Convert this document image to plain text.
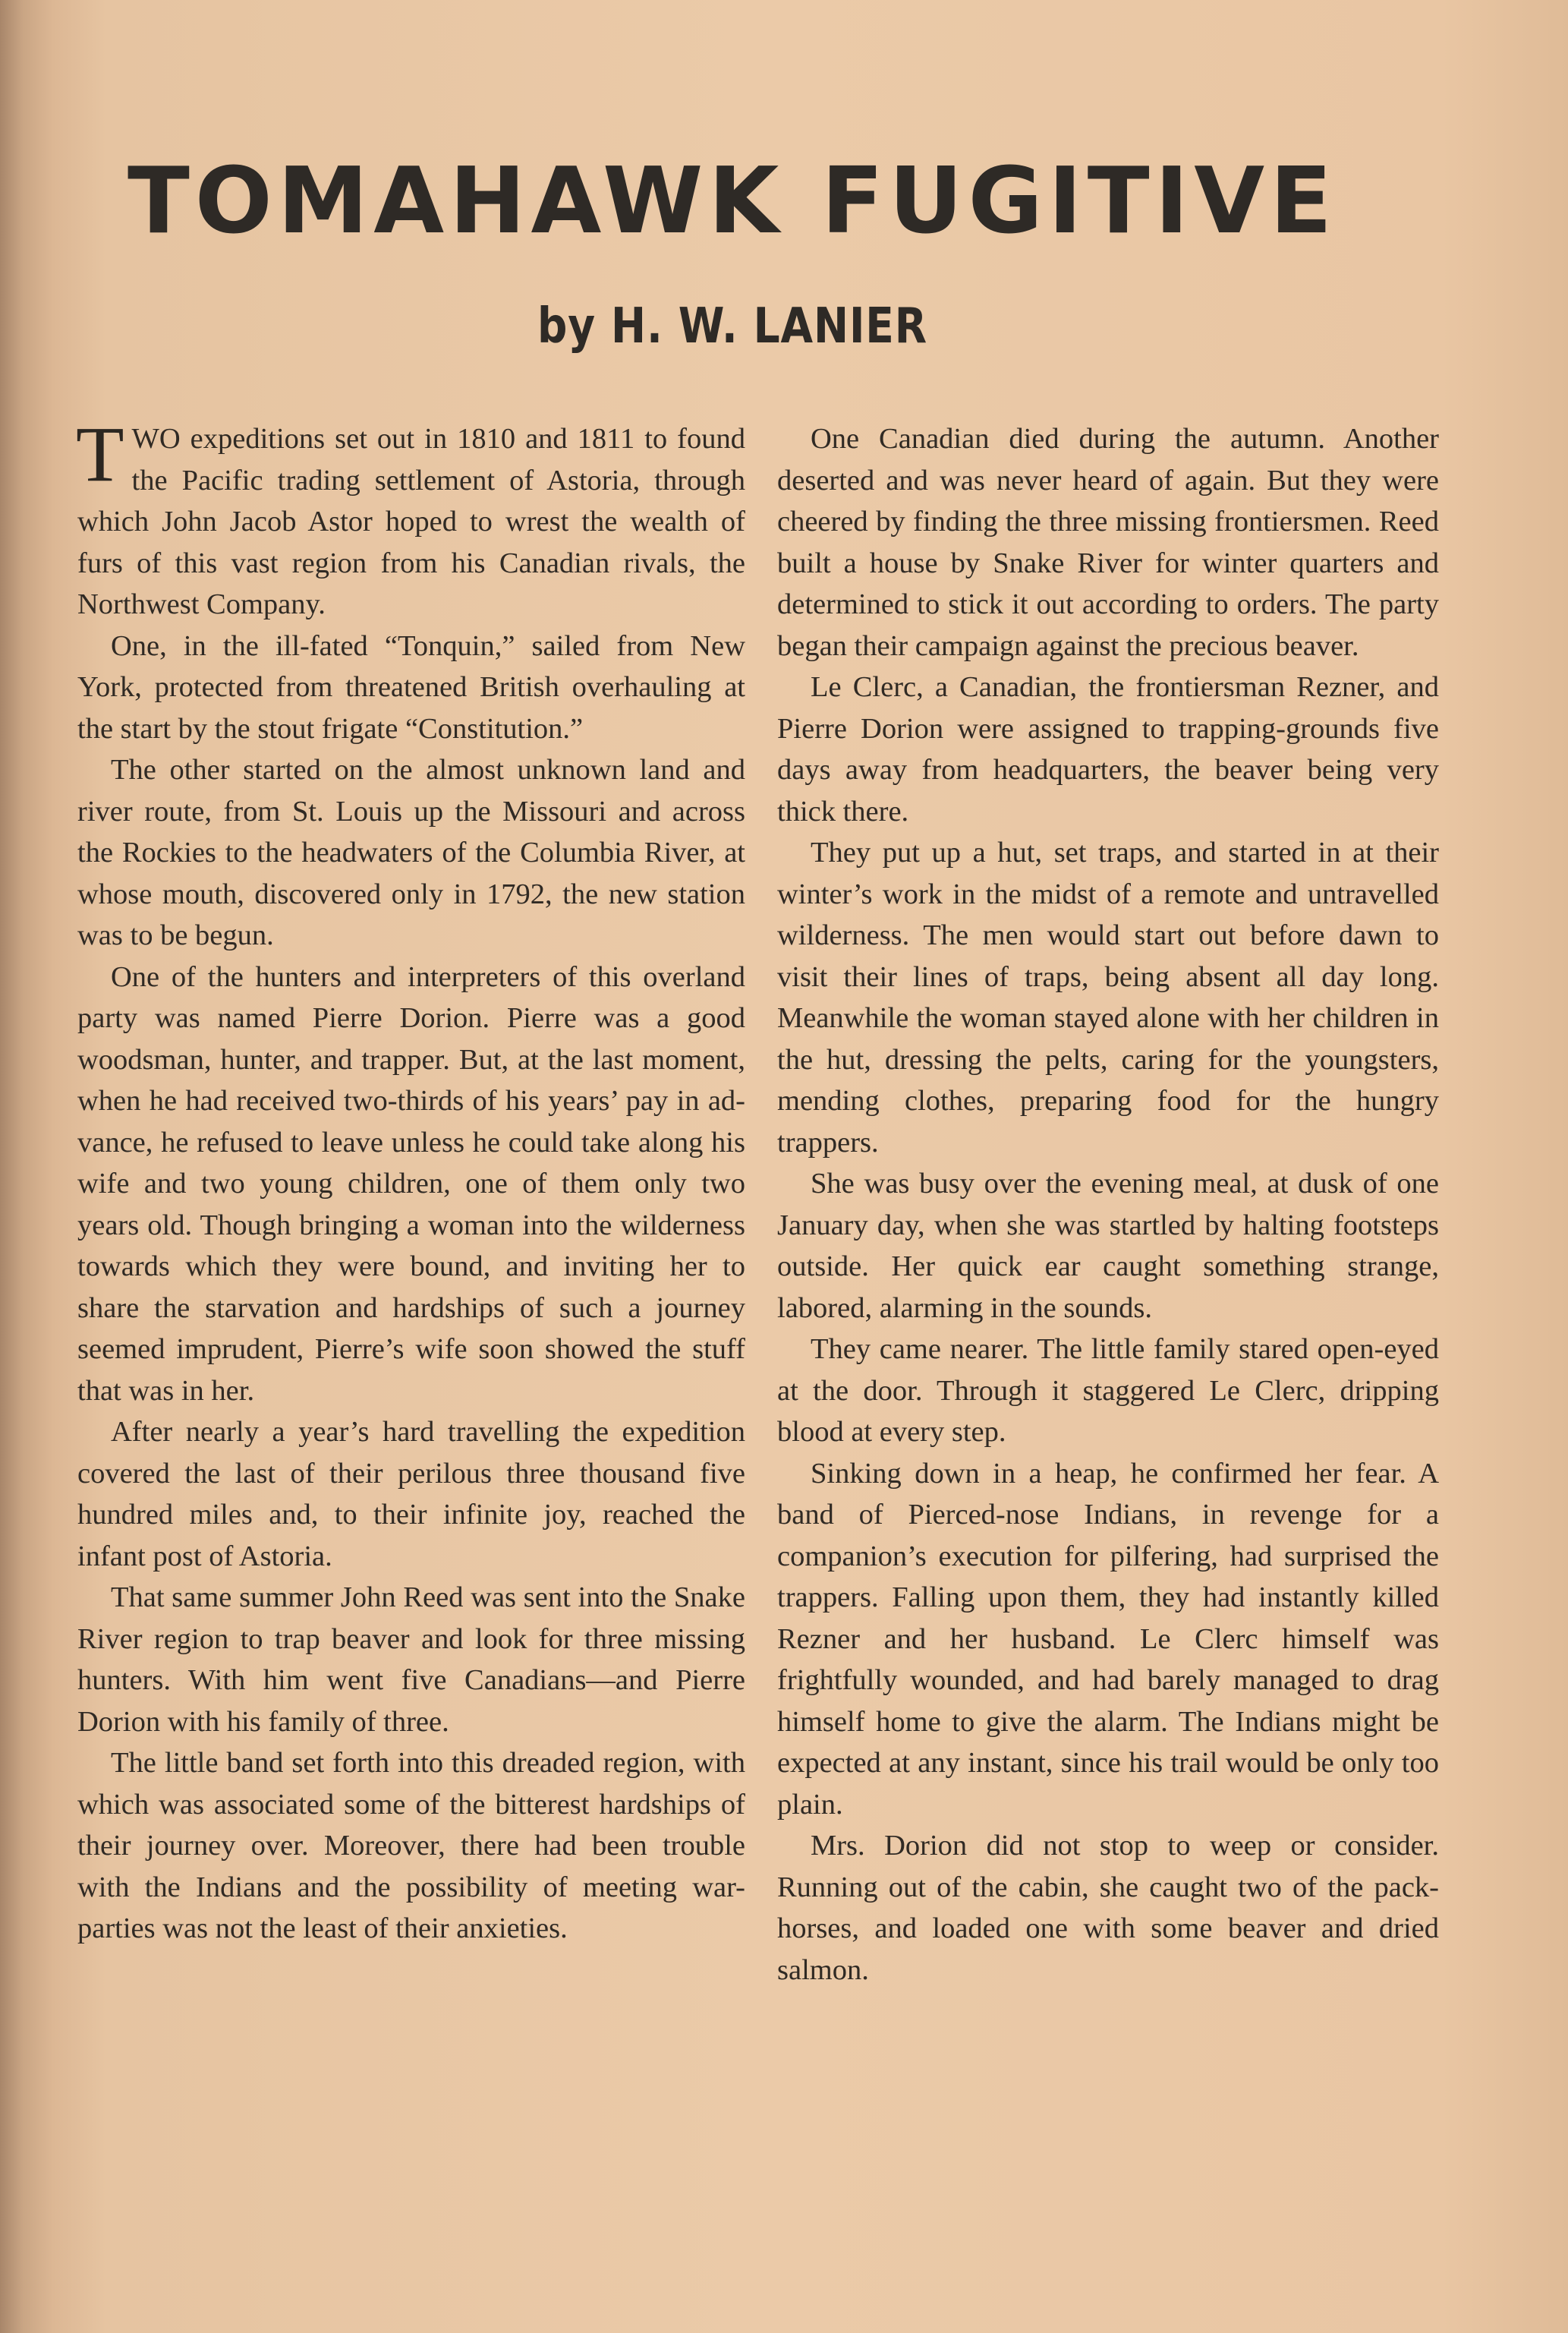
TOMAHAWK FUGITIVE
by H. W. LANIER

TWO expeditions set out in 1810 and 1811 to found the Pacific trading settlement of Astoria, through which John Jacob Astor hoped to wrest the wealth of furs of this vast region from his Canadian rivals, the Northwest Company.

One, in the ill-fated “Tonquin,” sailed from New York, protected from threatened British overhauling at the start by the stout frigate “Constitution.”

The other started on the almost unknown land and river route, from St. Louis up the Missouri and across the Rockies to the headwaters of the Columbia River, at whose mouth, discovered only in 1792, the new station was to be begun.

One of the hunters and interpreters of this overland party was named Pierre Dorion. Pierre was a good woodsman, hunter, and trapper. But, at the last moment, when he had received two-thirds of his years’ pay in advance, he refused to leave unless he could take along his wife and two young children, one of them only two years old. Though bringing a woman into the wilderness towards which they were bound, and inviting her to share the starvation and hardships of such a journey seemed imprudent, Pierre’s wife soon showed the stuff that was in her.

After nearly a year’s hard travelling the expedition covered the last of their perilous three thousand five hundred miles and, to their infinite joy, reached the infant post of Astoria.

That same summer John Reed was sent into the Snake River region to trap beaver and look for three missing hunters. With him went five Canadians—and Pierre Dorion with his family of three.

The little band set forth into this dreaded region, with which was associated some of the bitterest hardships of their journey over. Moreover, there had been trouble with the Indians and the possibility of meeting war-parties was not the least of their anxieties.

One Canadian died during the autumn. Another deserted and was never heard of again. But they were cheered by finding the three missing frontiersmen. Reed built a house by Snake River for winter quarters and determined to stick it out according to orders. The party began their campaign against the precious beaver.

Le Clerc, a Canadian, the frontiersman Rezner, and Pierre Dorion were assigned to trapping-grounds five days away from headquarters, the beaver being very thick there.

They put up a hut, set traps, and started in at their winter’s work in the midst of a remote and untravelled wilderness. The men would start out before dawn to visit their lines of traps, being absent all day long. Meanwhile the woman stayed alone with her children in the hut, dressing the pelts, caring for the youngsters, mending clothes, preparing food for the hungry trappers.

She was busy over the evening meal, at dusk of one January day, when she was startled by halting footsteps outside. Her quick ear caught something strange, labored, alarming in the sounds.

They came nearer. The little family stared open-eyed at the door. Through it staggered Le Clerc, dripping blood at every step.

Sinking down in a heap, he confirmed her fear. A band of Pierced-nose Indians, in revenge for a companion’s execution for pilfering, had surprised the trappers. Falling upon them, they had instantly killed Rezner and her husband. Le Clerc himself was frightfully wounded, and had barely managed to drag himself home to give the alarm. The Indians might be expected at any instant, since his trail would be only too plain.

Mrs. Dorion did not stop to weep or consider. Running out of the cabin, she caught two of the pack-horses, and loaded one with some beaver and dried salmon.
